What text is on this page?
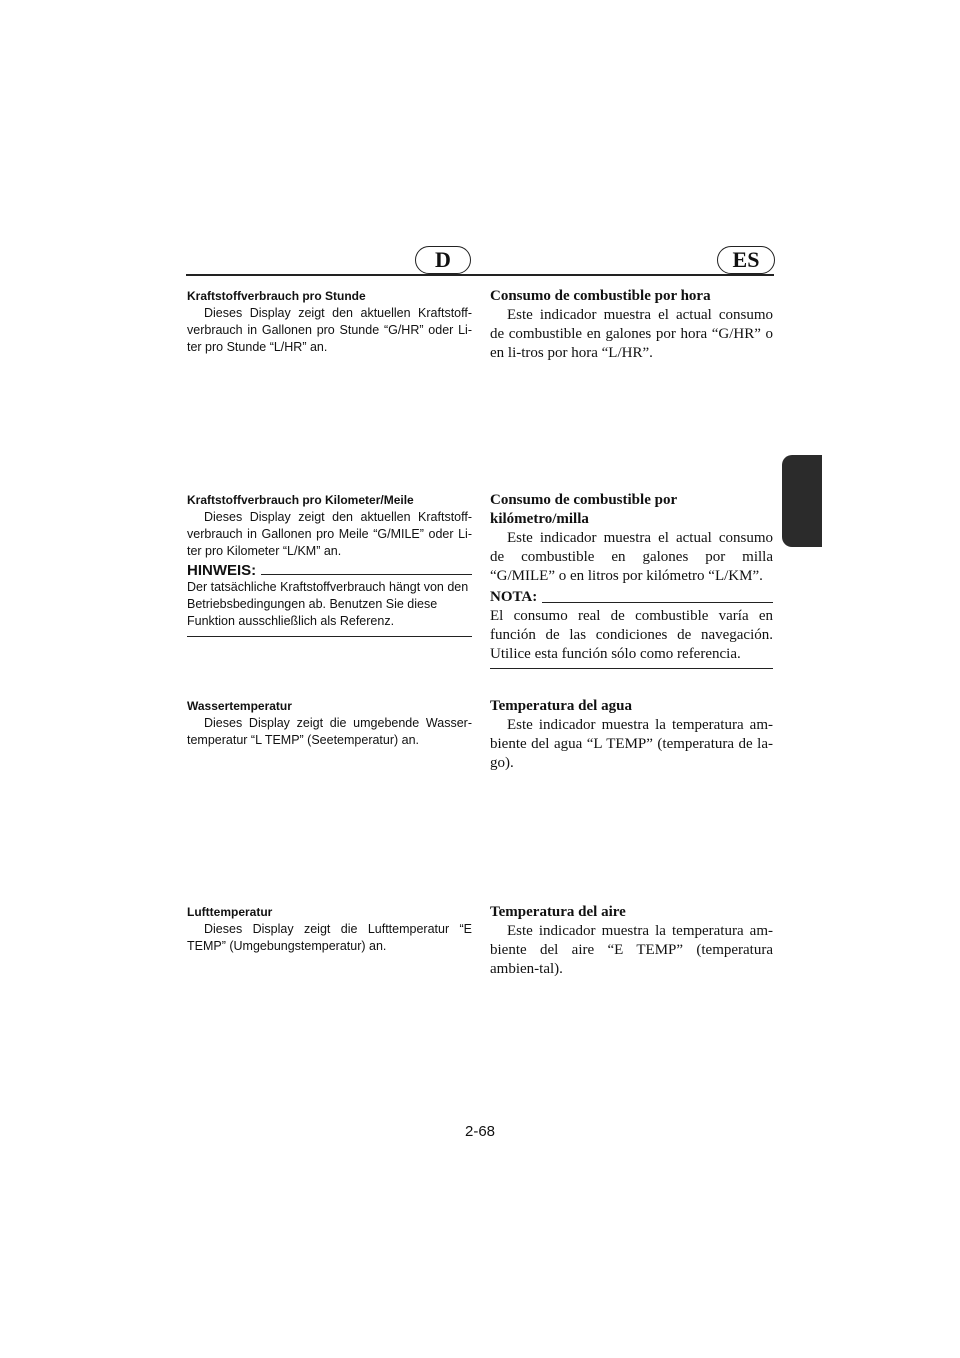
D	ES
Kraftstoffverbrauch pro Stunde
Dieses Display zeigt den aktuellen Kraftstoff-verbrauch in Gallonen pro Stunde “G/HR” oder Li-ter pro Stunde “L/HR” an.
Kraftstoffverbrauch pro Kilometer/Meile
Dieses Display zeigt den aktuellen Kraftstoff-verbrauch in Gallonen pro Meile “G/MILE” oder Li-ter pro Kilometer “L/KM” an.
HINWEIS:
Der tatsächliche Kraftstoffverbrauch hängt von den Betriebsbedingungen ab. Benutzen Sie diese Funktion ausschließlich als Referenz.
Wassertemperatur
Dieses Display zeigt die umgebende Wasser-temperatur “L TEMP” (Seetemperatur) an.
Lufttemperatur
Dieses Display zeigt die Lufttemperatur “E TEMP” (Umgebungstemperatur) an.
Consumo de combustible por hora
Este indicador muestra el actual consumo de combustible en galones por hora “G/HR” o en li-tros por hora “L/HR”.
Consumo de combustible por kilómetro/milla
Este indicador muestra el actual consumo de combustible en galones por milla “G/MILE” o en litros por kilómetro “L/KM”.
NOTA:
El consumo real de combustible varía en función de las condiciones de navegación. Utilice esta función sólo como referencia.
Temperatura del agua
Este indicador muestra la temperatura am-biente del agua “L TEMP” (temperatura de la-go).
Temperatura del aire
Este indicador muestra la temperatura am-biente del aire “E TEMP” (temperatura ambien-tal).
2-68
